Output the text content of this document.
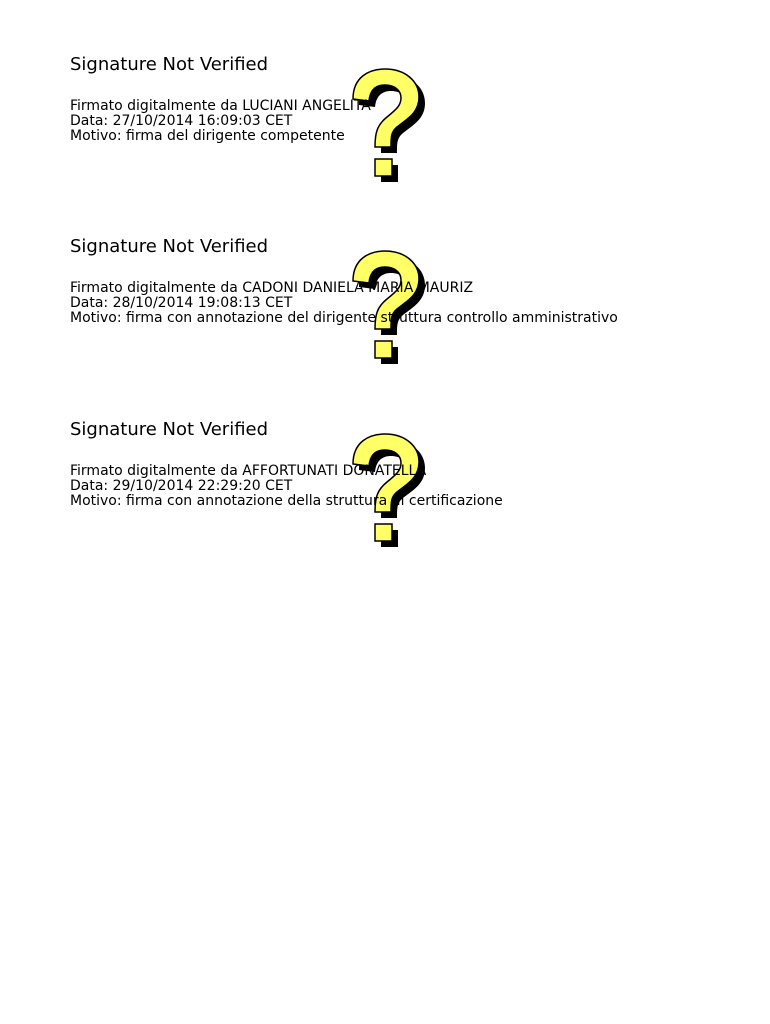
Signature Not Verified
Firmato digitalmente da LUCIANI ANGELITA
Data: 27/10/2014 16:09:03 CET
Motivo: firma del dirigente competente
Signature Not Verified
Firmato digitalmente da CADONI DANIELA MARIA MAURIZ
Data: 28/10/2014 19:08:13 CET
Motivo: firma con annotazione del dirigente struttura controllo amministrativo
Signature Not Verified
Firmato digitalmente da AFFORTUNATI DONATELLA
Data: 29/10/2014 22:29:20 CET
Motivo: firma con annotazione della struttura di certificazione
